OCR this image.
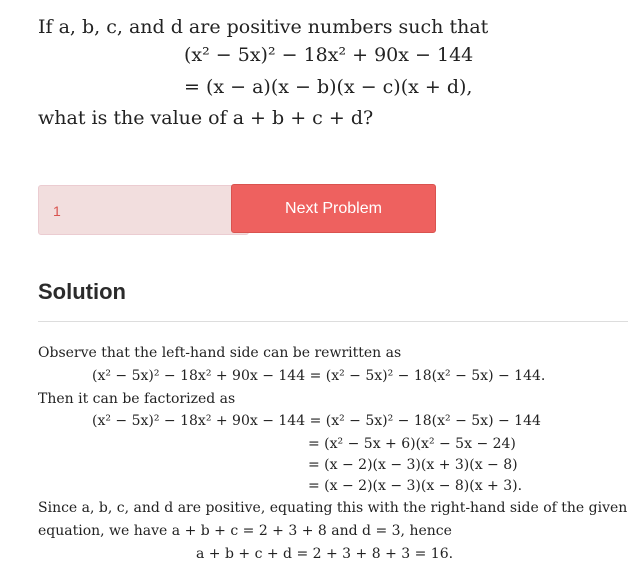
If a, b, c, and d are positive numbers such that
(x² − 5x)² − 18x² + 90x − 144
= (x − a)(x − b)(x − c)(x + d),
what is the value of a + b + c + d?
1	Next Problem
Solution
Observe that the left-hand side can be rewritten as
(x² − 5x)² − 18x² + 90x − 144 = (x² − 5x)² − 18(x² − 5x) − 144.
Then it can be factorized as
(x² − 5x)² − 18x² + 90x − 144 = (x² − 5x)² − 18(x² − 5x) − 144
= (x² − 5x + 6)(x² − 5x − 24)
= (x − 2)(x − 3)(x + 3)(x − 8)
= (x − 2)(x − 3)(x − 8)(x + 3).
Since a, b, c, and d are positive, equating this with the right-hand side of the given
equation, we have a + b + c = 2 + 3 + 8 and d = 3, hence
a + b + c + d = 2 + 3 + 8 + 3 = 16.
